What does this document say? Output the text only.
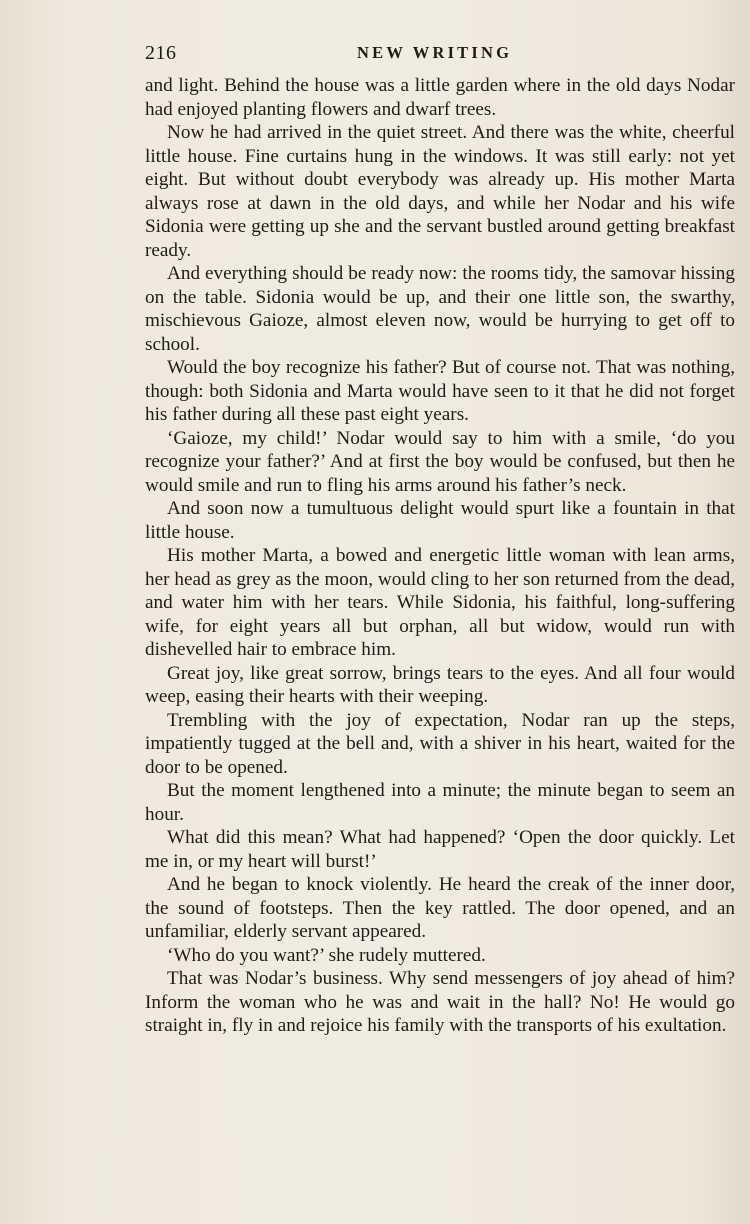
216	NEW WRITING

and light. Behind the house was a little garden where in the old days Nodar had enjoyed planting flowers and dwarf trees.

Now he had arrived in the quiet street. And there was the white, cheerful little house. Fine curtains hung in the windows. It was still early: not yet eight. But without doubt everybody was already up. His mother Marta always rose at dawn in the old days, and while her Nodar and his wife Sidonia were getting up she and the servant bustled around getting breakfast ready.

And everything should be ready now: the rooms tidy, the samovar hissing on the table. Sidonia would be up, and their one little son, the swarthy, mischievous Gaioze, almost eleven now, would be hurrying to get off to school.

Would the boy recognize his father? But of course not. That was nothing, though: both Sidonia and Marta would have seen to it that he did not forget his father during all these past eight years.

‘Gaioze, my child!’ Nodar would say to him with a smile, ‘do you recognize your father?’ And at first the boy would be confused, but then he would smile and run to fling his arms around his father’s neck.

And soon now a tumultuous delight would spurt like a fountain in that little house.

His mother Marta, a bowed and energetic little woman with lean arms, her head as grey as the moon, would cling to her son returned from the dead, and water him with her tears. While Sidonia, his faithful, long-suffering wife, for eight years all but orphan, all but widow, would run with dishevelled hair to embrace him.

Great joy, like great sorrow, brings tears to the eyes. And all four would weep, easing their hearts with their weeping.

Trembling with the joy of expectation, Nodar ran up the steps, impatiently tugged at the bell and, with a shiver in his heart, waited for the door to be opened.

But the moment lengthened into a minute; the minute began to seem an hour.

What did this mean? What had happened? ‘Open the door quickly. Let me in, or my heart will burst!’

And he began to knock violently. He heard the creak of the inner door, the sound of footsteps. Then the key rattled. The door opened, and an unfamiliar, elderly servant appeared.

‘Who do you want?’ she rudely muttered.

That was Nodar’s business. Why send messengers of joy ahead of him? Inform the woman who he was and wait in the hall? No! He would go straight in, fly in and rejoice his family with the transports of his exultation.
